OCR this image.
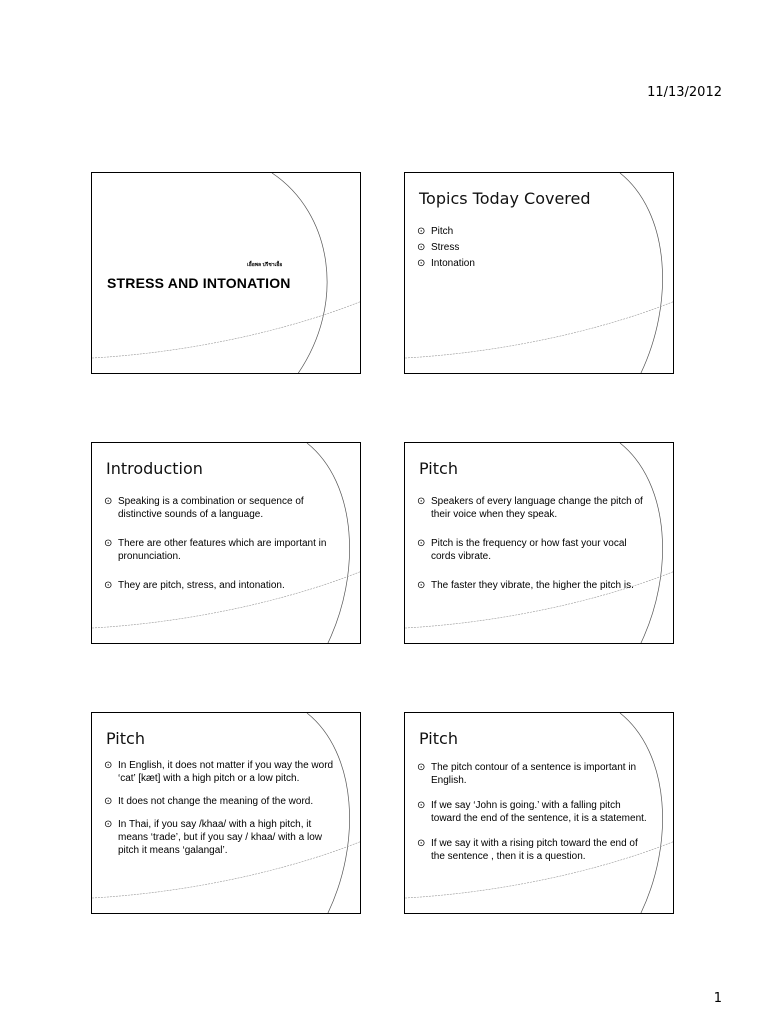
11/13/2012
เอื้อพล ปรีชาเอื้อ
STRESS AND INTONATION
Topics Today Covered
⊙ Pitch
⊙ Stress
⊙ Intonation
Introduction
⊙ Speaking is a combination or sequence of distinctive sounds of a language.
⊙ There are other features which are important in pronunciation.
⊙ They are pitch, stress, and intonation.
Pitch
⊙ Speakers of every language change the pitch of their voice when they speak.
⊙ Pitch is the frequency or how fast your vocal cords vibrate.
⊙ The faster they vibrate, the higher the pitch is.
Pitch
⊙ In English, it does not matter if you way the word ‘cat’ [kæt] with a high pitch or a low pitch.
⊙ It does not change the meaning of the word.
⊙ In Thai, if you say /khaa/ with a high pitch, it means ‘trade’, but if you say / khaa/ with a low pitch it means ‘galangal’.
Pitch
⊙ The pitch contour of a sentence is important in English.
⊙ If we say ‘John is going.’ with a falling pitch toward the end of the sentence, it is a statement.
⊙ If we say it with a rising pitch toward the end of the sentence , then it is a question.
1
